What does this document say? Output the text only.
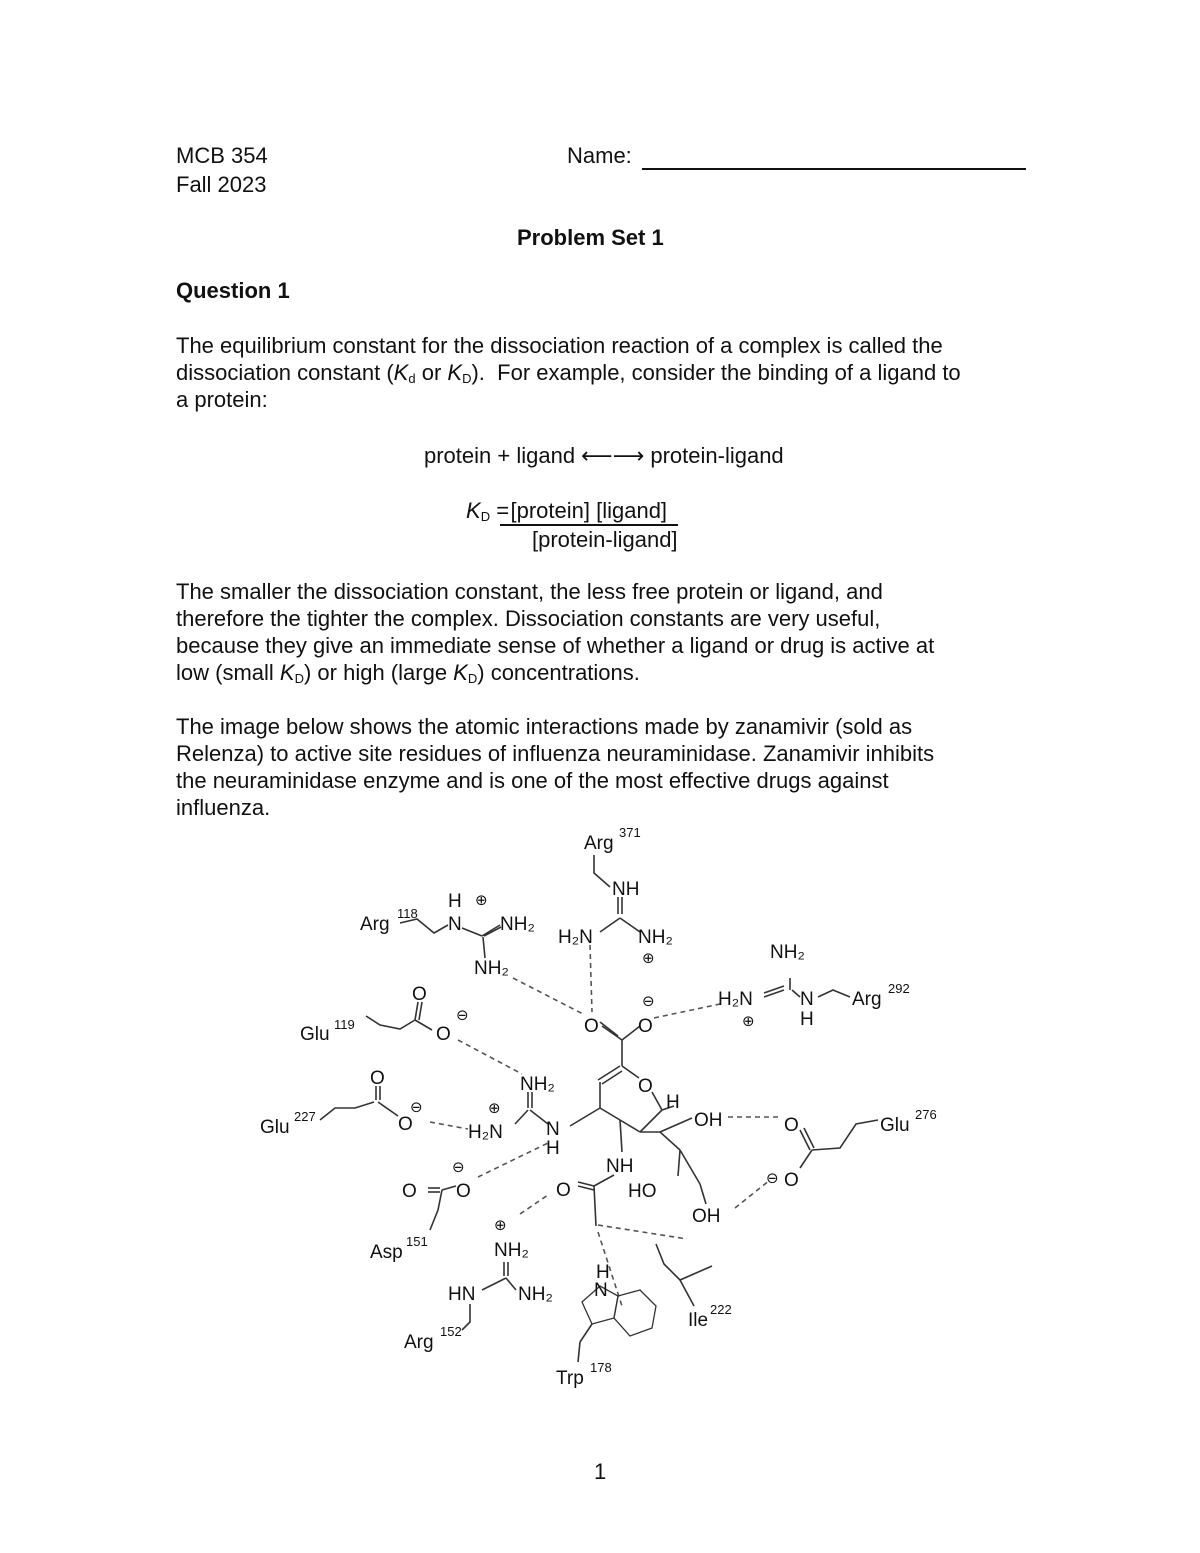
MCB 354
Fall 2023
Name:
Problem Set 1
Question 1
The equilibrium constant for the dissociation reaction of a complex is called the
dissociation constant ($K_d$ or $K_D$). For example, consider the binding of a ligand to
a protein:
protein + ligand ⟵⟶ protein-ligand
$K_D$ = [protein] [ligand]
[protein-ligand]
The smaller the dissociation constant, the less free protein or ligand, and
therefore the tighter the complex. Dissociation constants are very useful,
because they give an immediate sense of whether a ligand or drug is active at
low (small $K_D$) or high (large $K_D$) concentrations.
The image below shows the atomic interactions made by zanamivir (sold as
Relenza) to active site residues of influenza neuraminidase. Zanamivir inhibits
the neuraminidase enzyme and is one of the most effective drugs against
influenza.
Arg
371
NH
H₂N NH₂
⊕
⊖
Arg
118
H
N
⊕
NH₂
NH₂
NH₂
H₂N
⊕
N
H
Arg
292
O O
Glu 119
O
O
⊖
NH₂
⊕
H₂N N
H
Glu
227
O
O
⊖
O
H
OH
NH
HO
OH
O
O	Glu
276
⊖ O
O O
⊖
Asp
151
⊕
NH₂
HN NH₂
Arg
152
H
N
Trp
178
Ile
222
1
